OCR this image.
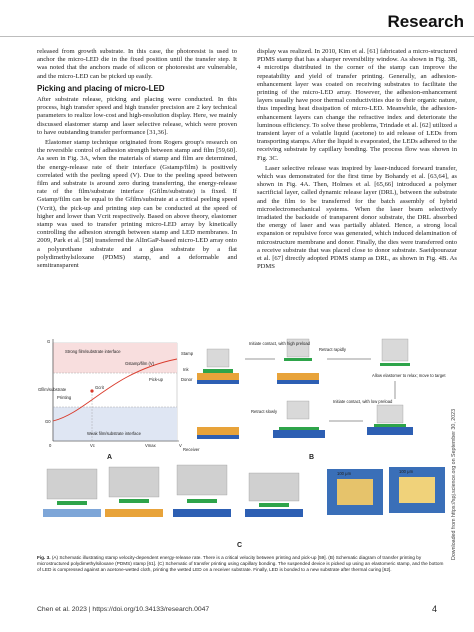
Research

released from growth substrate. In this case, the photoresist is used to anchor the micro-LED die in the fixed position until the transfer step. It was noted that the anchors made of silicon or photoresist are vulnerable, and the micro-LED can be picked up easily.

Picking and placing of micro-LED

After substrate release, picking and placing were conducted. In this process, high transfer speed and high transfer precision are 2 key technical parameters to realize low-cost and high-resolution display. Here, we mainly discussed elastomer stamp and laser selective release, which were proven to have outstanding transfer performance [31,36].

Elastomer stamp technique originated from Rogers group's research on the reversible control of adhesion strength between stamp and film [59,60]. As seen in Fig. 3A, when the materials of stamp and film are determined, the energy-release rate of their interface (Gstamp/film) is positively correlated with the peeling speed (V). Due to the peeling speed between film and substrate is around zero during transferring, the energy-release rate of the film/substrate interface (Gfilm/substrate) is fixed. If Gstamp/film can be equal to the Gfilm/substrate at a critical peeling speed (Vcrit), the pick-up and printing step can be conducted at the speed of higher and lower than Vcrit respectively. Based on above theory, elastomer stamp was used to transfer printing micro-LED array by kinetically controlling the adhesion strength between stamp and LED membranes. In 2009, Park et al. [58] transferred the AlInGaP-based micro-LED array onto a polyurethane substrate and a glass substrate by a flat polydimethylsiloxane (PDMS) stamp, and a deformable and semitransparent

display was realized. In 2010, Kim et al. [61] fabricated a micro-structured PDMS stamp that has a sharper reversibility window. As shown in Fig. 3B, 4 microtips distributed in the corner of the stamp can improve the repeatability and yield of transfer printing. Generally, an adhesion-enhancement layer was coated on receiving substrates to facilitate the printing of the micro-LED array. However, the adhesion-enhancement layers usually have poor thermal conductivities due to their organic nature, thus impeding heat dissipation of micro-LED. Meanwhile, the adhesion-enhancement layers can change the refractive index and deteriorate the luminous efficiency. To solve these problems, Trindade et al. [62] utilized a transient layer of a volatile liquid (acetone) to aid release of LEDs from transporting stamps. After the liquid is evaporated, the LEDs adhered to the receiving substrate by capillary bonding. The process flow was shown in Fig. 3C.

Laser selective release was inspired by laser-induced forward transfer, which was demonstrated for the first time by Bohandy et al. [63,64], as shown in Fig. 4A. Then, Holmes et al. [65,66] introduced a polymer sacrificial layer, called dynamic release layer (DRL), between the substrate and the film to be transferred for the batch assembly of hybrid microelectromechanical systems. When the laser beam selectively irradiated the backside of transparent donor substrate, the DRL absorbed the energy of laser and was partially ablated. Hence, a strong local expansion or repulsive force was generated, which induced delamination of microstructure membrane and donor. Finally, the dies were transferred onto a receive substrate that was placed close to donor substrate. Saeidpourazar et al. [67] directly adopted PDMS stamp as DRL, as shown in Fig. 4B. As PDMS

Downloaded from https://spj.science.org on September 30, 2023
Strong film/substrate interface
Weak film/substrate interface
Gstamp/film (V)
Pick-up
Printing
Gcrit
Gfilm/substrate
G0
G
V
Vc	Vmax
0
A
Stamp
Ink
Donor
Receiver
Initiate contact, with high preload
Retract rapidly
Allow elastomer to relax; move to target
Initiate contact, with low preload
Retract slowly
B
100 μm	100 μm
C
Fig. 3. (A) Schematic illustrating stamp velocity-dependent energy-release rate. There is a critical velocity between printing and pick-up [59]. (B) Schematic diagram of transfer printing by microstructured polydimethylsiloxane (PDMS) stamp [61]. (C) Schematic of transfer printing using capillary bonding. The suspended device is picked up using an elastomeric stamp, and the bottom of LED is compressed against an acetone-wetted cloth, printing the wetted LED on a receiver substrate. Finally, LED is bonded to a new substrate after thermal curing [62].
Chen et al. 2023 | https://doi.org/10.34133/research.0047	4
